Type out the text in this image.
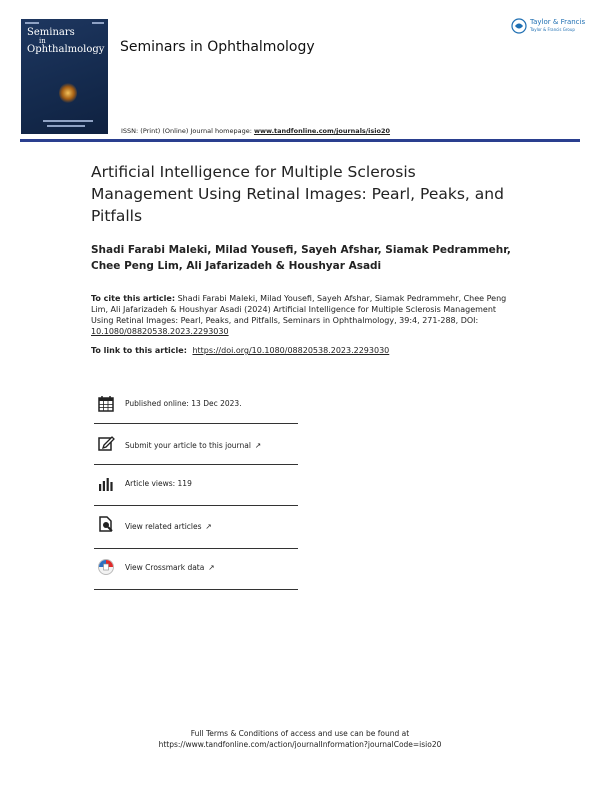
Seminars
in
Ophthalmology Seminars in Ophthalmology
Taylor & Francis
Taylor & Francis Group
ISSN: (Print) (Online) Journal homepage: www.tandfonline.com/journals/isio20
Artificial Intelligence for Multiple Sclerosis Management Using Retinal Images: Pearl, Peaks, and Pitfalls
Shadi Farabi Maleki, Milad Yousefi, Sayeh Afshar, Siamak Pedrammehr, Chee Peng Lim, Ali Jafarizadeh & Houshyar Asadi
To cite this article: Shadi Farabi Maleki, Milad Yousefi, Sayeh Afshar, Siamak Pedrammehr, Chee Peng Lim, Ali Jafarizadeh & Houshyar Asadi (2024) Artificial Intelligence for Multiple Sclerosis Management Using Retinal Images: Pearl, Peaks, and Pitfalls, Seminars in Ophthalmology, 39:4, 271-288, DOI: 10.1080/08820538.2023.2293030
To link to this article: https://doi.org/10.1080/08820538.2023.2293030
Published online: 13 Dec 2023.
Submit your article to this journal ↗
Article views: 119
View related articles ↗
View Crossmark data ↗
Full Terms & Conditions of access and use can be found at
https://www.tandfonline.com/action/journalInformation?journalCode=isio20
